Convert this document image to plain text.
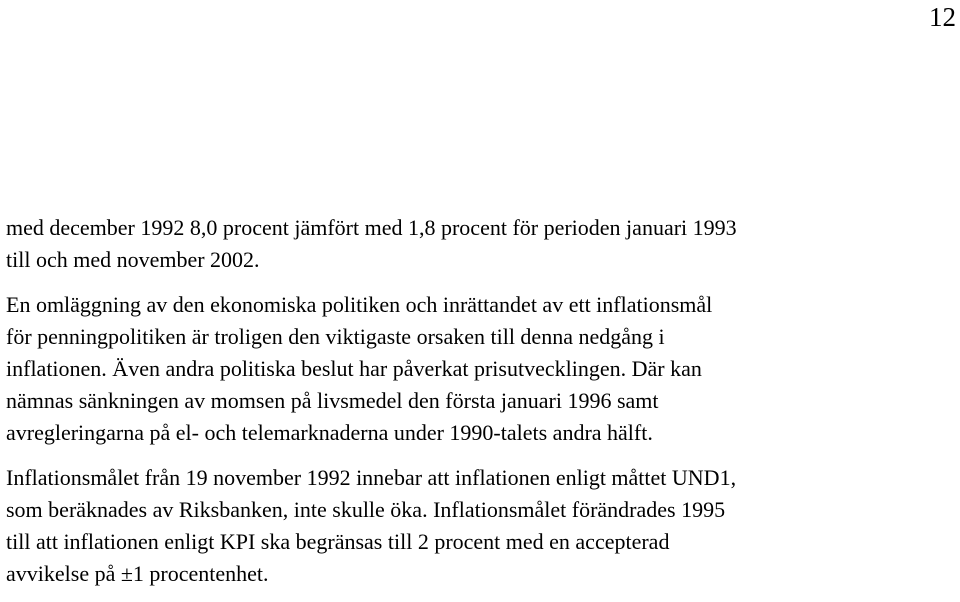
12
med december 1992 8,0 procent jämfört med 1,8 procent för perioden januari 1993
till och med november 2002.
En omläggning av den ekonomiska politiken och inrättandet av ett inflationsmål
för penningpolitiken är troligen den viktigaste orsaken till denna nedgång i
inflationen. Även andra politiska beslut har påverkat prisutvecklingen. Där kan
nämnas sänkningen av momsen på livsmedel den första januari 1996 samt
avregleringarna på el- och telemarknaderna under 1990-talets andra hälft.
Inflationsmålet från 19 november 1992 innebar att inflationen enligt måttet UND1,
som beräknades av Riksbanken, inte skulle öka. Inflationsmålet förändrades 1995
till att inflationen enligt KPI ska begränsas till 2 procent med en accepterad
avvikelse på ±1 procentenhet.
